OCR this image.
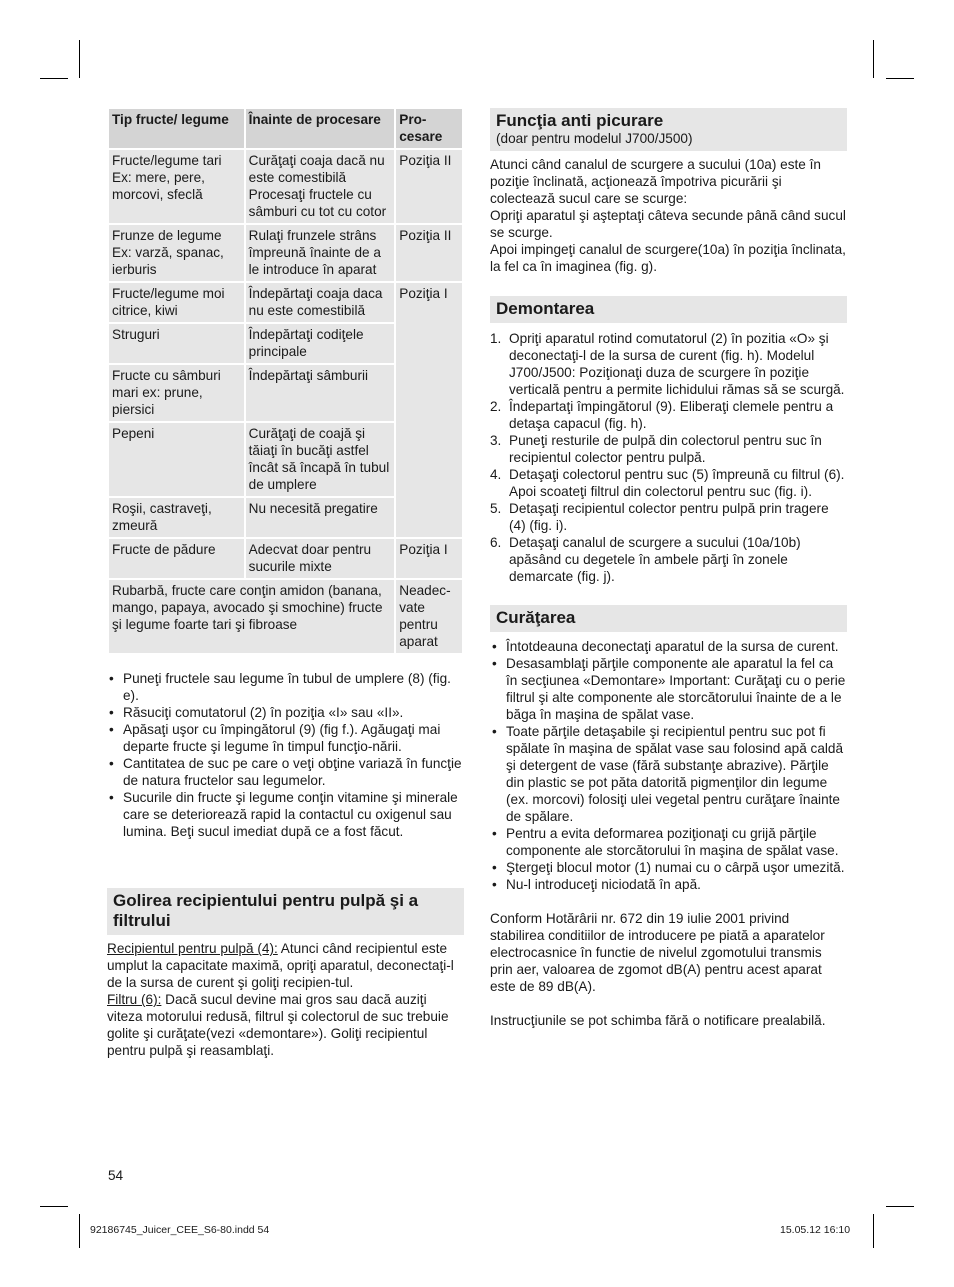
Tip fructe/ legume	Înainte de procesare	Pro-cesare
Fructe/legume tari Ex: mere, pere, morcovi, sfeclă	Curăţaţi coaja dacă nu este comestibilă Procesaţi fructele cu sâmburi cu tot cu cotor	Poziţia II
Frunze de legume Ex: varză, spanac, ierburis	Rulaţi frunzele strâns împreună înainte de a le introduce în aparat	Poziţia II
Fructe/legume moi citrice, kiwi	Îndepărtaţi coaja daca nu este comestibilă	Poziţia I
Struguri	Îndepărtaţi codiţele principale	
Fructe cu sâmburi mari ex: prune, piersici	Îndepărtaţi sâmburii	
Pepeni	Curăţaţi de coajă şi tăiaţi în bucăţi astfel încât să încapă în tubul de umplere	
Roşii, castraveţi, zmeură	Nu necesită pregatire	
Fructe de pădure	Adecvat doar pentru sucurile mixte	Poziţia I
Rubarbă, fructe care conţin amidon (banana, mango, papaya, avocado şi smochine) fructe şi legume foarte tari şi fibroase		Neadec-vate pentru aparat
• Puneţi fructele sau legume în tubul de umplere (8) (fig. e).
• Răsuciţi comutatorul (2) în poziţia «I» sau «II».
• Apăsaţi uşor cu împingătorul (9) (fig f.). Agăugaţi mai departe fructe şi legume în timpul funcţio-nării.
• Cantitatea de suc pe care o veţi obţine variază în funcţie de natura fructelor sau legumelor.
• Sucurile din fructe şi legume conţin vitamine şi minerale care se deteriorează rapid la contactul cu oxigenul sau lumina. Beţi sucul imediat după ce a fost făcut.
Golirea recipientului pentru pulpă şi a filtrului

Recipientul pentru pulpă (4): Atunci când recipientul este umplut la capacitate maximă, opriţi aparatul, deconectaţi-l de la sursa de curent şi goliţi recipien-tul.

Filtru (6): Dacă sucul devine mai gros sau dacă auziţi viteza motorului redusă, filtrul şi colectorul de suc trebuie golite şi curăţate(vezi «demontare»). Goliţi recipientul pentru pulpă şi reasamblaţi.

Funcţia anti picurare
(doar pentru modelul J700/J500)

Atunci când canalul de scurgere a sucului (10a) este în poziţie înclinată, acţionează împotriva picurării şi colectează sucul care se scurge:

Opriţi aparatul şi aşteptaţi câteva secunde până când sucul se scurge.

Apoi impingeţi canalul de scurgere(10a) în poziţia înclinata, la fel ca în imaginea (fig. g).

Demontarea
1. Opriţi aparatul rotind comutatorul (2) în pozitia «O» şi deconectaţi-l de la sursa de curent (fig. h). Modelul J700/J500: Poziţionaţi duza de scurgere în poziţie verticală pentru a permite lichidului rămas să se scurgă.
2. Îndepartaţi împingătorul (9). Eliberaţi clemele pentru a detaşa capacul (fig. h).
3. Puneţi resturile de pulpă din colectorul pentru suc în recipientul colector pentru pulpă.
4. Detaşaţi colectorul pentru suc (5) împreună cu filtrul (6). Apoi scoateţi filtrul din colectorul pentru suc (fig. i).
5. Detaşaţi recipientul colector pentru pulpă prin tragere (4) (fig. i).
6. Detaşaţi canalul de scurgere a sucului (10a/10b) apăsând cu degetele în ambele părţi în zonele demarcate (fig. j).
Curăţarea
• Întotdeauna deconectaţi aparatul de la sursa de curent.
• Desasamblaţi părţile componente ale aparatul la fel ca în secţiunea «Demontare» Important: Curăţaţi cu o perie filtrul şi alte componente ale storcătorului înainte de a le băga în maşina de spălat vase.
• Toate părţile detaşabile şi recipientul pentru suc pot fi spălate în maşina de spălat vase sau folosind apă caldă şi detergent de vase (fără substanţe abrazive). Părţile din plastic se pot păta datorită pigmenţilor din legume (ex. morcovi) folosiţi ulei vegetal pentru curăţare înainte de spălare.
• Pentru a evita deformarea poziţionaţi cu grijă părţile componente ale storcătorului în maşina de spălat vase.
• Ştergeţi blocul motor (1) numai cu o cârpă uşor umezită.
• Nu-l introduceţi niciodată în apă.

Conform Hotărârii nr. 672 din 19 iulie 2001 privind stabilirea conditiilor de introducere pe piată a aparatelor electrocasnice în functie de nivelul zgomotului transmis prin aer, valoarea de zgomot dB(A) pentru acest aparat este de 89 dB(A).

Instrucţiunile se pot schimba fără o notificare prealabilă.

54
92186745_Juicer_CEE_S6-80.indd 54	15.05.12 16:10
